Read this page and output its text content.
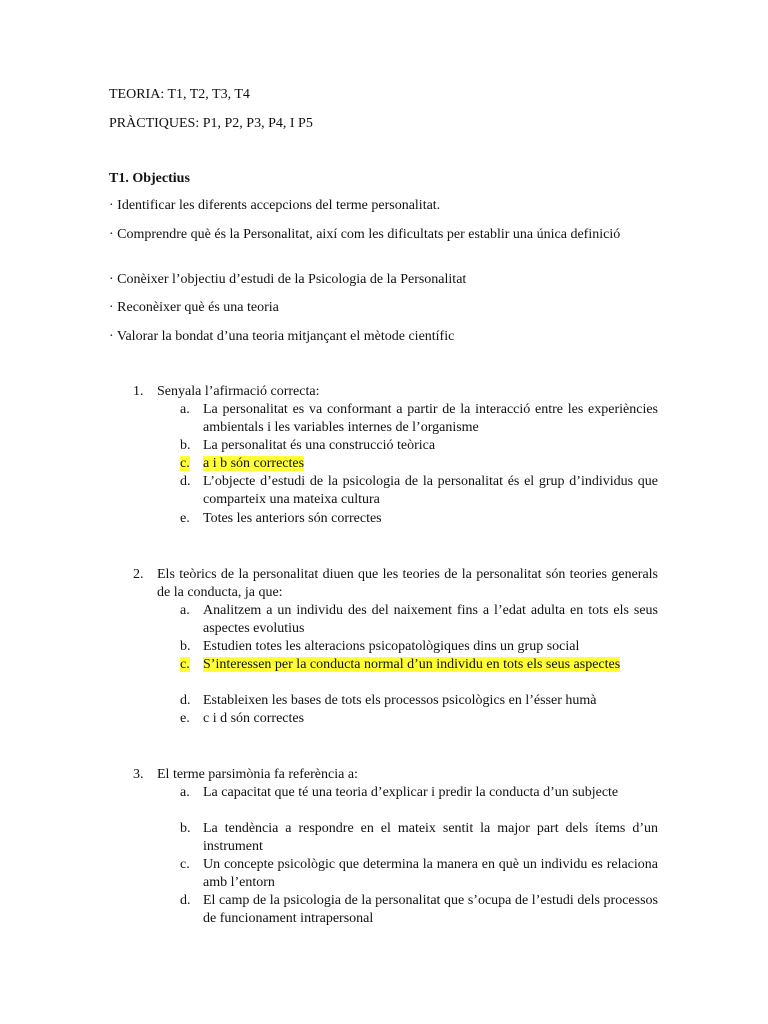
TEORIA: T1, T2, T3, T4
PRÀCTIQUES: P1, P2, P3, P4, I P5
T1. Objectius
· Identificar les diferents accepcions del terme personalitat.
· Comprendre què és la Personalitat, així com les dificultats per establir una única definició
· Conèixer l’objectiu d’estudi de la Psicologia de la Personalitat
· Reconèixer què és una teoria
· Valorar la bondat d’una teoria mitjançant el mètode científic
1. Senyala l’afirmació correcta:
a. La personalitat es va conformant a partir de la interacció entre les experiències ambientals i les variables internes de l’organisme
b. La personalitat és una construcció teòrica
c. a i b són correctes
d. L’objecte d’estudi de la psicologia de la personalitat és el grup d’individus que comparteix una mateixa cultura
e. Totes les anteriors són correctes
2. Els teòrics de la personalitat diuen que les teories de la personalitat són teories generals de la conducta, ja que:
a. Analitzem a un individu des del naixement fins a l’edat adulta en tots els seus aspectes evolutius
b. Estudien totes les alteracions psicopatològiques dins un grup social
c. S’interessen per la conducta normal d’un individu en tots els seus aspectes
d. Estableixen les bases de tots els processos psicològics en l’ésser humà
e. c i d són correctes
3. El terme parsimònia fa referència a:
a. La capacitat que té una teoria d’explicar i predir la conducta d’un subjecte
b. La tendència a respondre en el mateix sentit la major part dels ítems d’un instrument
c. Un concepte psicològic que determina la manera en què un individu es relaciona amb l’entorn
d. El camp de la psicologia de la personalitat que s’ocupa de l’estudi dels processos de funcionament intrapersonal
